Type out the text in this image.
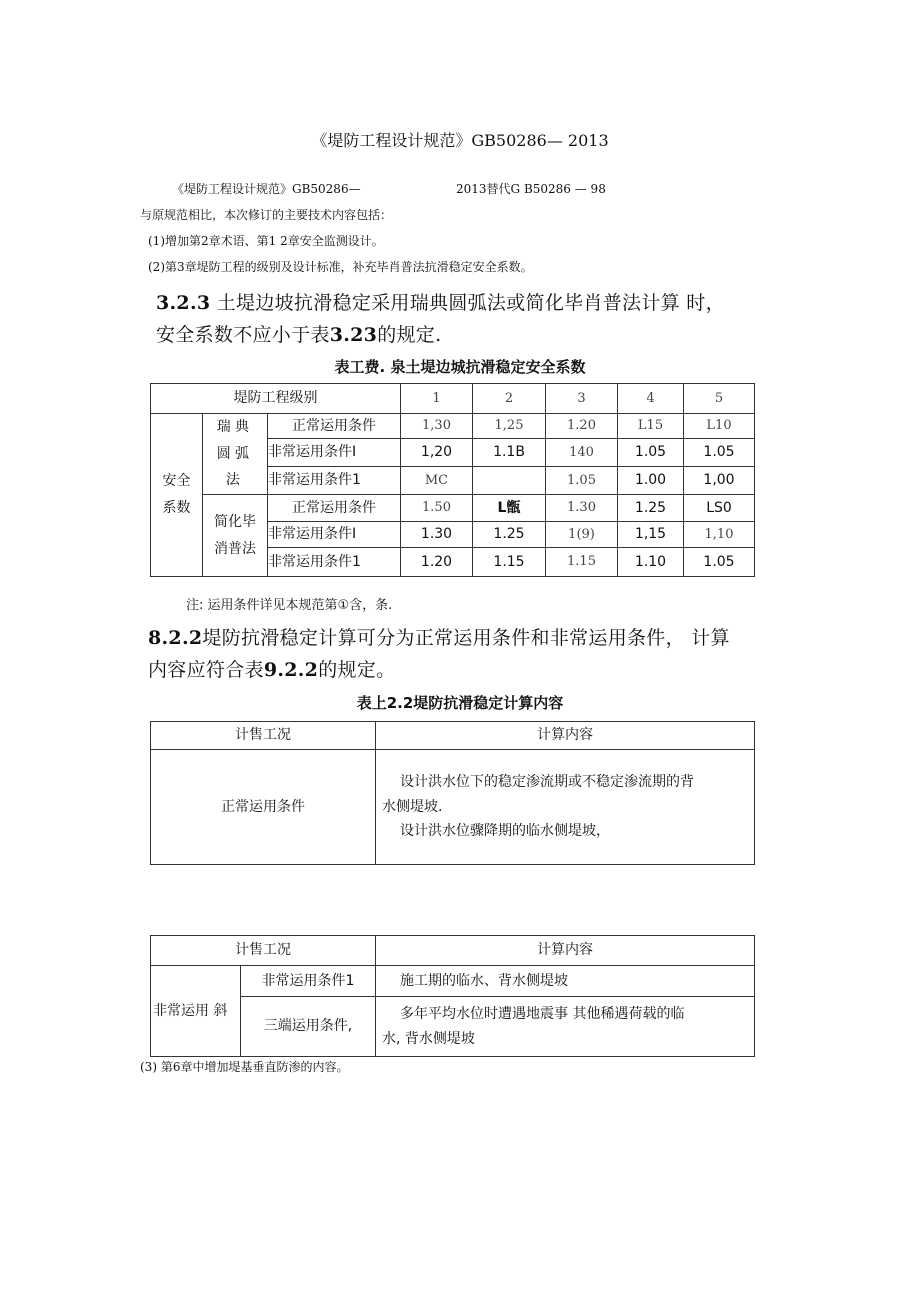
《堤防工程设计规范》GB50286— 2013
《堤防工程设计规范》GB50286—	2013替代G B50286 — 98
与原规范相比，本次修订的主要技术内容包括：
(1)增加第2章术语、第1 2章安全监测设计。
(2)第3章堤防工程的级别及设计标准，补充毕肖普法抗滑稳定安全系数。
3.2.3 土堤边坡抗滑稳定采用瑞典圆弧法或简化毕肖普法计算 时，
安全系数不应小于表3.23的规定.
表工费. 泉土堤边城抗滑稳定安全系数
堤防工程级别			1	2	3	4	5

安全系数	瑞典圆弧法	正常运用条件	1,30	1,25	1.20	L15	L10
		非常运用条件I	1,20	1.1B	140	1.05	1.05
		非常运用条件1	MC		1.05	1.00	1,00

	简化毕消普法	正常运用条件	1.50	L甑	1.30	1.25	LS0
		非常运用条件I	1.30	1.25	1(9)	1,15	1,10
		非常运用条件1	1.20	1.15	1.15	1.10	1.05
注: 运用条件详见本规范第①含，条.
8.2.2堤防抗滑稳定计算可分为正常运用条件和非常运用条件， 计算
内容应符合表9.2.2的规定。
表上2.2堤防抗滑稳定计算内容
计售工况	计算内容
正常运用条件	设计洪水位下的稳定渗流期或不稳定渗流期的背
水侧堤坡.
设计洪水位骤降期的临水侧堤坡，
计售工况		计算内容
非常运用 斜	非常运用条件1	施工期的临水、背水侧堤坡
	三端运用条件,	多年平均水位时遭遇地震事 其他稀遇荷载的临
水, 背水侧堤坡
(3) 第6章中增加堤基垂直防渗的内容。
